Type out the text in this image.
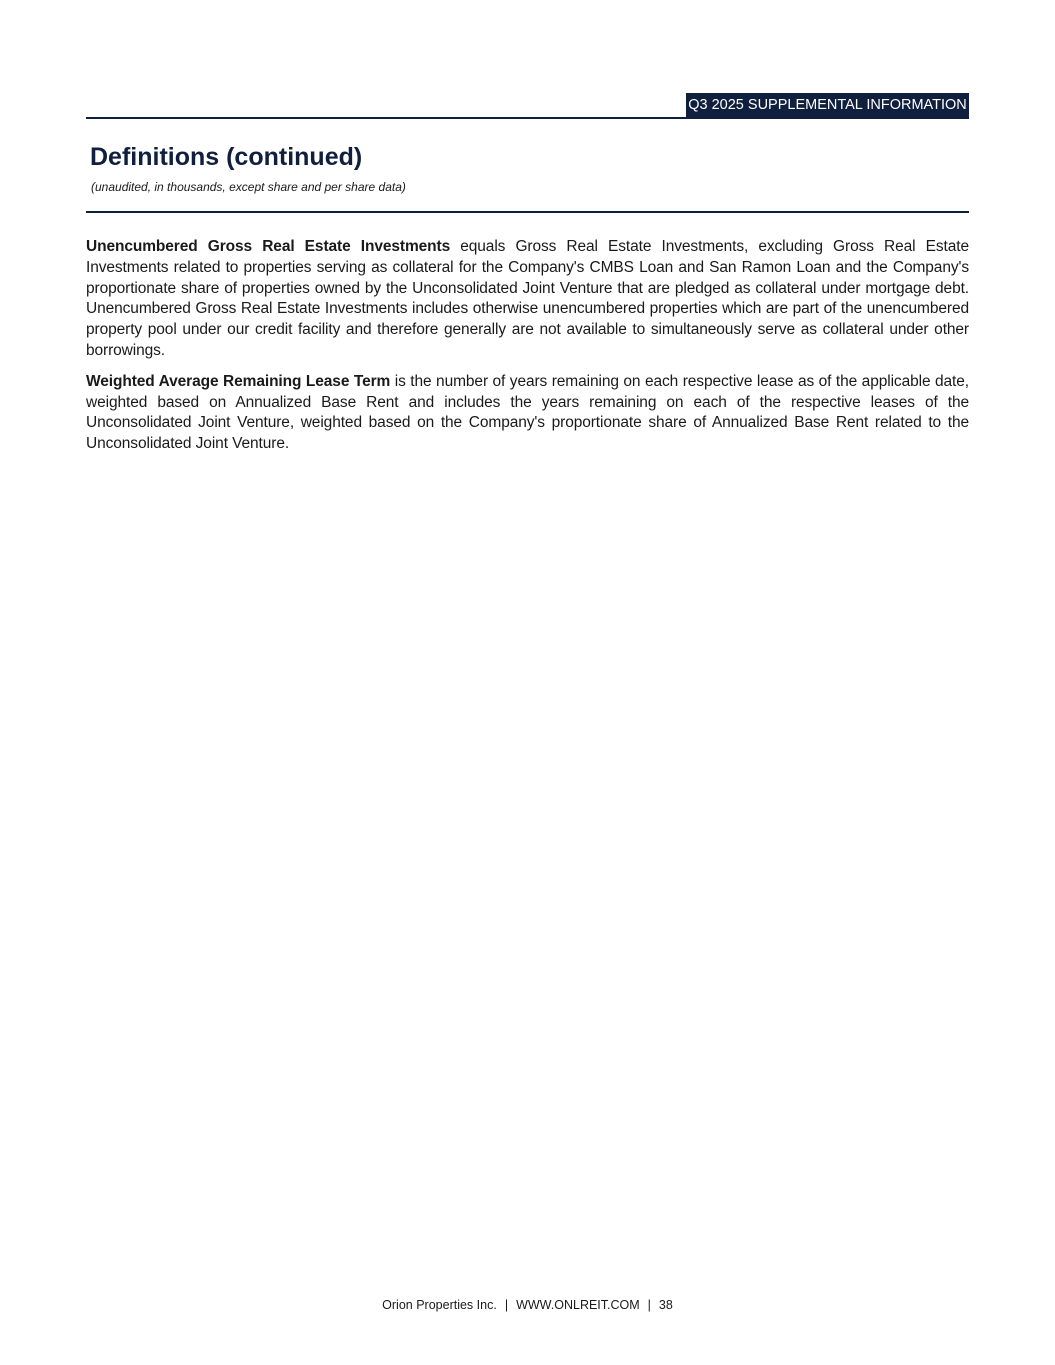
Q3 2025 SUPPLEMENTAL INFORMATION
Definitions (continued)
(unaudited, in thousands, except share and per share data)

Unencumbered Gross Real Estate Investments equals Gross Real Estate Investments, excluding Gross Real Estate Investments related to properties serving as collateral for the Company's CMBS Loan and San Ramon Loan and the Company's proportionate share of properties owned by the Unconsolidated Joint Venture that are pledged as collateral under mortgage debt. Unencumbered Gross Real Estate Investments includes otherwise unencumbered properties which are part of the unencumbered property pool under our credit facility and therefore generally are not available to simultaneously serve as collateral under other borrowings.

Weighted Average Remaining Lease Term is the number of years remaining on each respective lease as of the applicable date, weighted based on Annualized Base Rent and includes the years remaining on each of the respective leases of the Unconsolidated Joint Venture, weighted based on the Company's proportionate share of Annualized Base Rent related to the Unconsolidated Joint Venture.

Orion Properties Inc. | WWW.ONLREIT.COM | 38
